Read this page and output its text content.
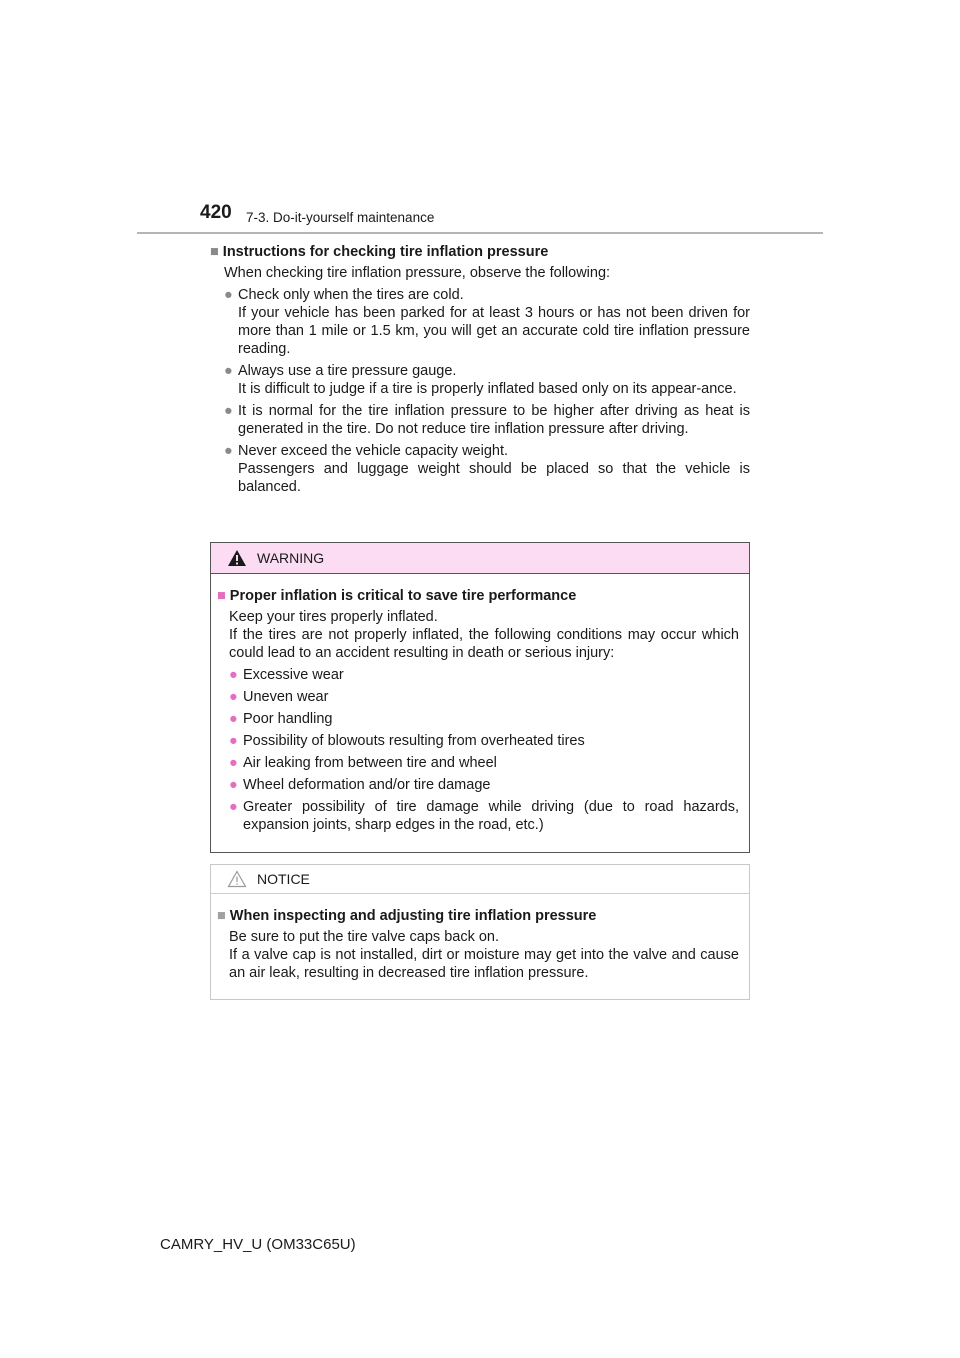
420 7-3. Do-it-yourself maintenance
■ Instructions for checking tire inflation pressure
When checking tire inflation pressure, observe the following:
● Check only when the tires are cold.
If your vehicle has been parked for at least 3 hours or has not been driven for more than 1 mile or 1.5 km, you will get an accurate cold tire inflation pressure reading.
● Always use a tire pressure gauge.
It is difficult to judge if a tire is properly inflated based only on its appear-ance.
● It is normal for the tire inflation pressure to be higher after driving as heat is generated in the tire. Do not reduce tire inflation pressure after driving.
● Never exceed the vehicle capacity weight.
Passengers and luggage weight should be placed so that the vehicle is balanced.
WARNING
■ Proper inflation is critical to save tire performance
Keep your tires properly inflated.
If the tires are not properly inflated, the following conditions may occur which could lead to an accident resulting in death or serious injury:
● Excessive wear
● Uneven wear
● Poor handling
● Possibility of blowouts resulting from overheated tires
● Air leaking from between tire and wheel
● Wheel deformation and/or tire damage
● Greater possibility of tire damage while driving (due to road hazards, expansion joints, sharp edges in the road, etc.)
NOTICE
■ When inspecting and adjusting tire inflation pressure
Be sure to put the tire valve caps back on.
If a valve cap is not installed, dirt or moisture may get into the valve and cause an air leak, resulting in decreased tire inflation pressure.
CAMRY_HV_U (OM33C65U)
